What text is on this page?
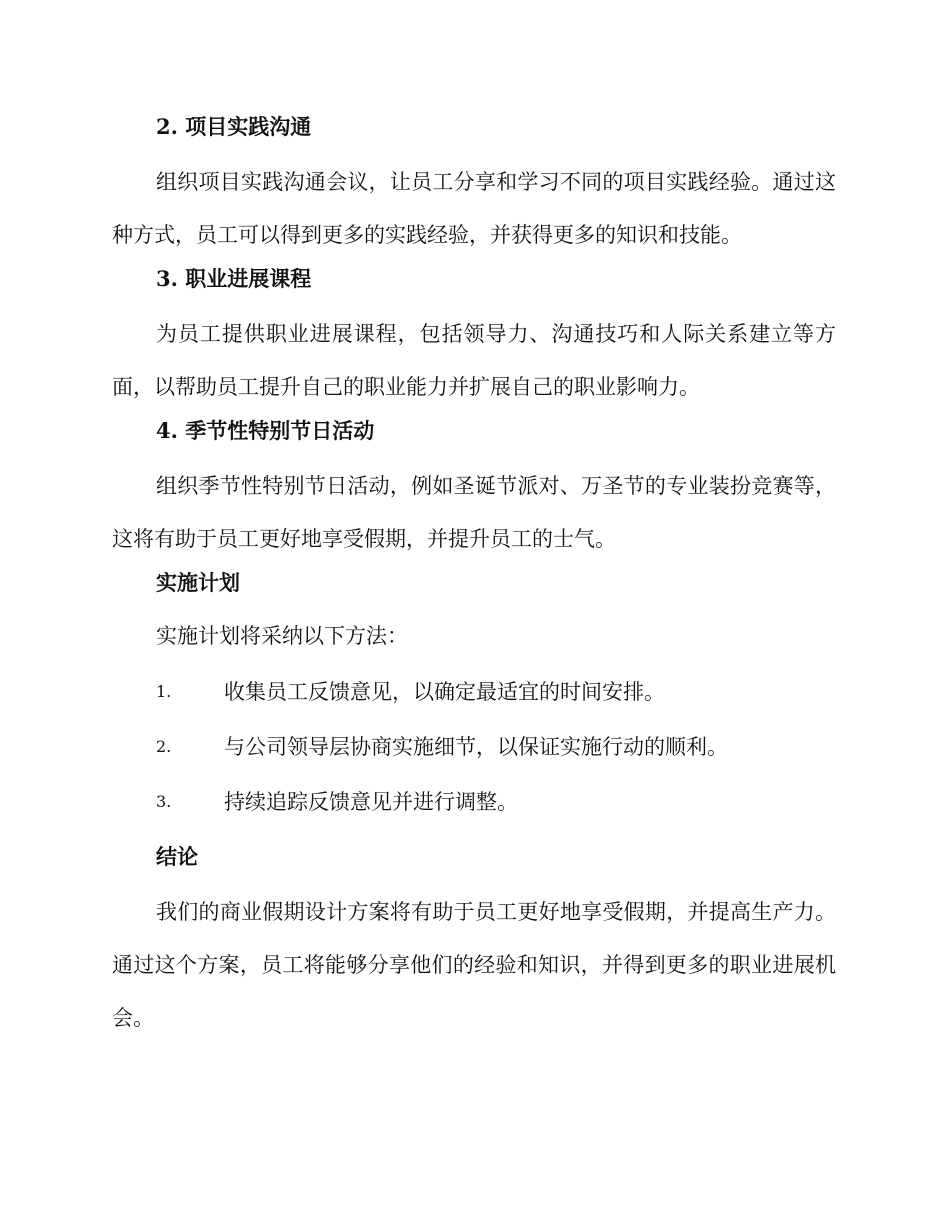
2. 项目实践沟通

组织项目实践沟通会议，让员工分享和学习不同的项目实践经验。通过这种方式，员工可以得到更多的实践经验，并获得更多的知识和技能。

3. 职业进展课程

为员工提供职业进展课程，包括领导力、沟通技巧和人际关系建立等方面，以帮助员工提升自己的职业能力并扩展自己的职业影响力。

4. 季节性特别节日活动

组织季节性特别节日活动，例如圣诞节派对、万圣节的专业装扮竞赛等，这将有助于员工更好地享受假期，并提升员工的士气。

实施计划

实施计划将采纳以下方法：

1.	收集员工反馈意见，以确定最适宜的时间安排。
2.	与公司领导层协商实施细节，以保证实施行动的顺利。
3.	持续追踪反馈意见并进行调整。
结论

我们的商业假期设计方案将有助于员工更好地享受假期，并提高生产力。通过这个方案，员工将能够分享他们的经验和知识，并得到更多的职业进展机会。
